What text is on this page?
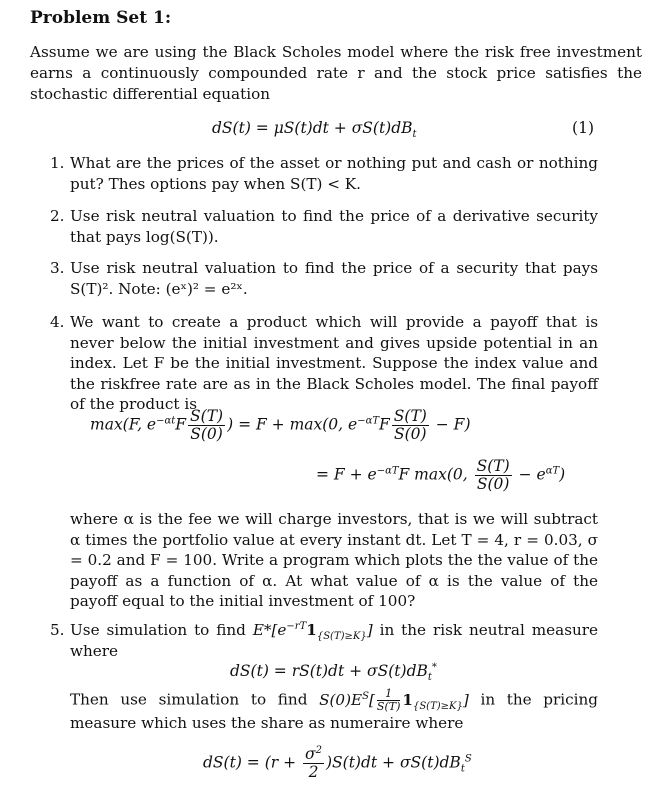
Problem Set 1:
Assume we are using the Black Scholes model where the risk free investment earns a continuously compounded rate r and the stock price satisfies the stochastic differential equation
$dS(t) = \mu S(t)dt + \sigma S(t)dB_t$	(1)
1. What are the prices of the asset or nothing put and cash or nothing put? Thes options pay when S(T) < K.
2. Use risk neutral valuation to find the price of a derivative security that pays log(S(T)).
3. Use risk neutral valuation to find the price of a security that pays S(T)². Note: (eˣ)² = e²ˣ.
4. We want to create a product which will provide a payoff that is never below the initial investment and gives upside potential in an index. Let F be the initial investment. Suppose the index value and the riskfree rate are as in the Black Scholes model. The final payoff of the product is
max(F, $e^{-\alpha t}F \frac{S(T)}{S(0)}$ ) = F + max(0, $e^{-\alpha T}F \frac{S(T)}{S(0)} - F$)
= $F + e^{-\alpha T}F$ max(0, $\frac{S(T)}{S(0)} - e^{\alpha T}$)
where α is the fee we will charge investors, that is we will subtract α times the portfolio value at every instant dt. Let T = 4, r = 0.03, σ = 0.2 and F = 100. Write a program which plots the the value of the payoff as a function of α. At what value of α is the value of the payoff equal to the initial investment of 100?
5. Use simulation to find $E*[e^{-rT}1_{\{S(T)\ge K\}}]$ in the risk neutral measure where
$dS(t) = rS(t)dt + \sigma S(t)dB_t^*$
Then use simulation to find $S(0)E^S[ \frac{1}{S(T)} 1_{\{S(T)\ge K\}}]$ in the pricing measure which uses the share as numeraire where
$dS(t) = (r + \frac{\sigma^2}{2} )S(t)dt + \sigma S(t)dB_t^S$
